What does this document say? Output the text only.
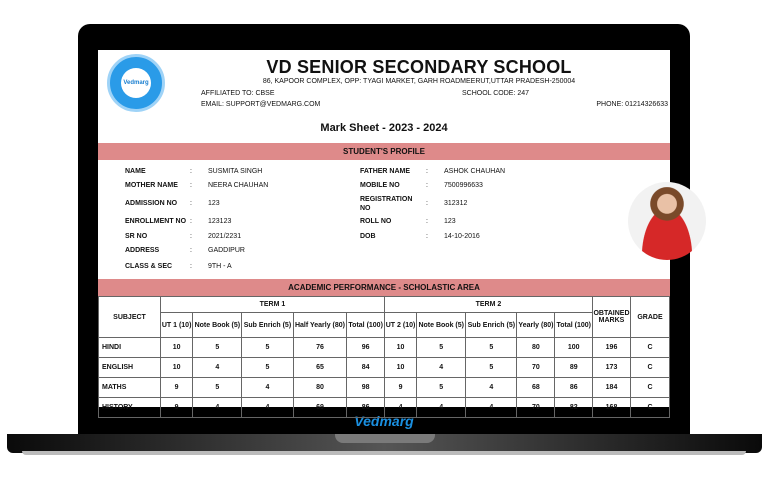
Vedmarg
Vedmarg
VD SENIOR SECONDARY SCHOOL
86, KAPOOR COMPLEX, OPP: TYAGI MARKET, GARH ROADMEERUT,UTTAR PRADESH-250004
AFFILIATED TO: CBSE	SCHOOL CODE: 247
EMAIL: SUPPORT@VEDMARG.COM	PHONE: 01214326633
Mark Sheet - 2023 - 2024
STUDENT'S PROFILE
NAME	: SUSMITA SINGH
MOTHER NAME : NEERA CHAUHAN
ADMISSION NO : 123
ENROLLMENT NO : 123123
SR NO	: 2021/2231
ADDRESS	: GADDIPUR
CLASS & SEC	: 9TH - A
FATHER NAME : ASHOK CHAUHAN
MOBILE NO	: 7500996633
REGISTRATION NO
: 312312
ROLL NO	: 123
DOB	: 14-10-2016
ACADEMIC PERFORMANCE - SCHOLASTIC AREA
SUBJECT	TERM 1					TERM 2					OBTAINED MARKS	GRADE
	UT 1 (10)	Note Book (5)	Sub Enrich (5)	Half Yearly (80)	Total (100)	UT 2 (10)	Note Book (5)	Sub Enrich (5)	Yearly (80)	Total (100)		
HINDI	10	5	5	76	96	10	5	5	80	100	196	C
ENGLISH	10	4	5	65	84	10	4	5	70	89	173	C
MATHS	9	5	4	80	98	9	5	4	68	86	184	C
HISTORY	9	4	4	69	86	4	4	4	70	82	168	C
